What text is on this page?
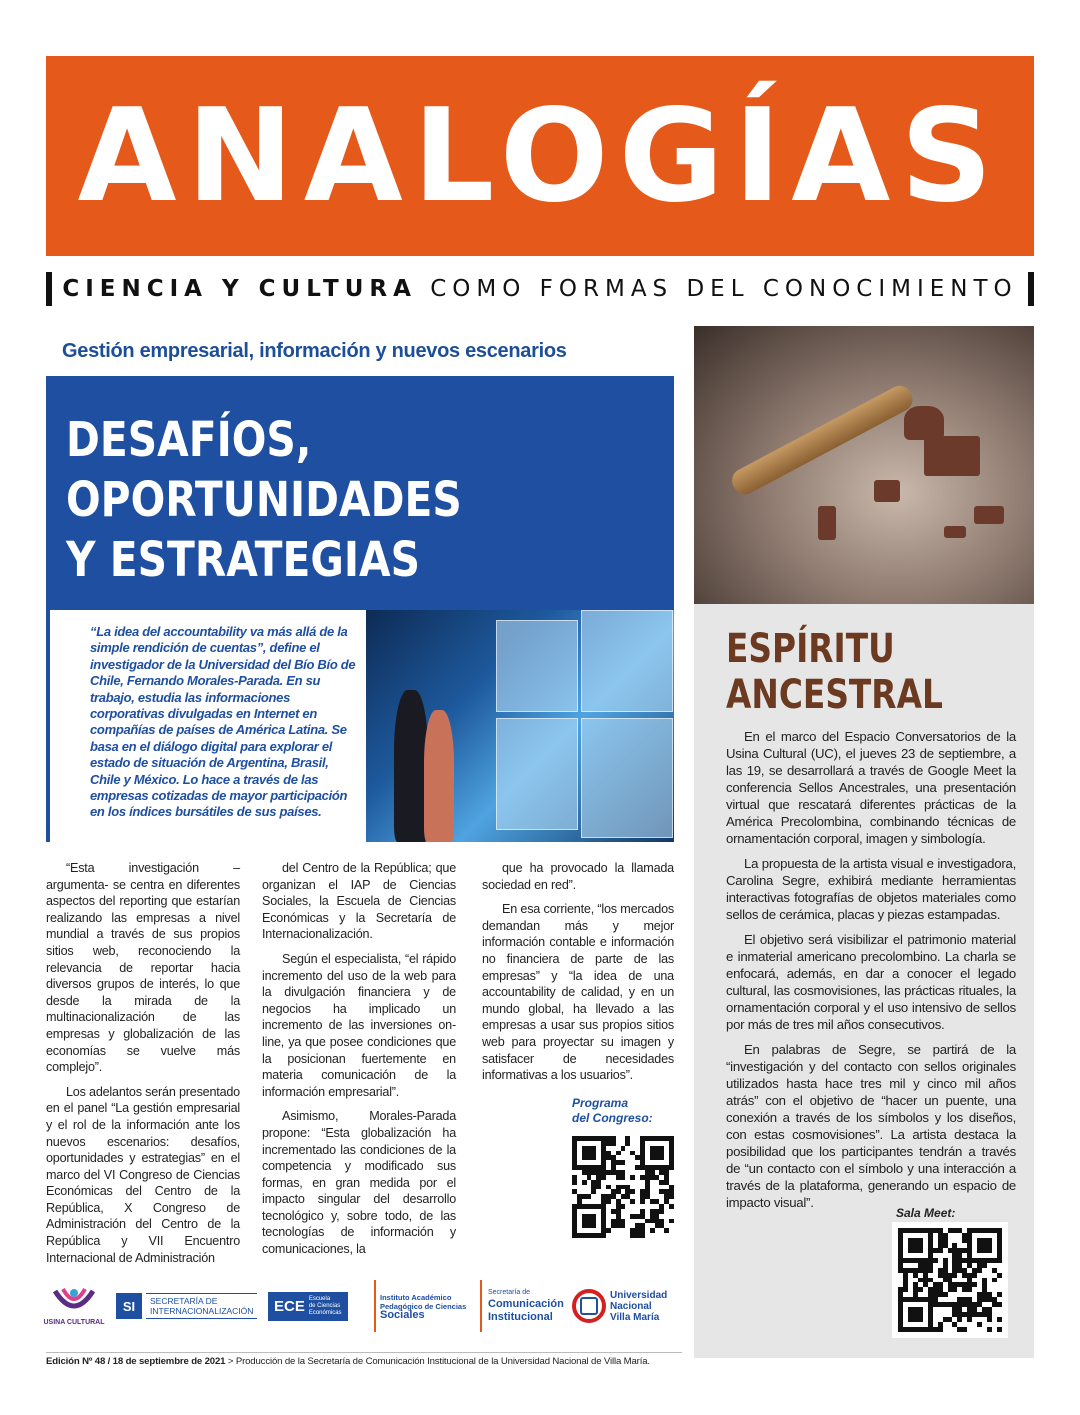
ANALOGÍAS
CIENCIA Y CULTURA COMO FORMAS DEL CONOCIMIENTO
Gestión empresarial, información y nuevos escenarios
DESAFÍOS,
OPORTUNIDADES
Y ESTRATEGIAS
“La idea del accountability va más allá de la simple rendición de cuentas”, define el investigador de la Universidad del Bío Bío de Chile, Fernando Morales-Parada. En su trabajo, estudia las informaciones corporativas divulgadas en Internet en compañías de países de América Latina. Se basa en el diálogo digital para explorar el estado de situación de Argentina, Brasil, Chile y México. Lo hace a través de las empresas cotizadas de mayor participación en los índices bursátiles de sus países.

“Esta investigación –argumenta- se centra en diferentes aspectos del reporting que estarían realizando las empresas a nivel mundial a través de sus propios sitios web, reconociendo la relevancia de reportar hacia diversos grupos de interés, lo que desde la mirada de la multinacionalización de las empresas y globalización de las economías se vuelve más complejo”.

Los adelantos serán presentado en el panel “La gestión empresarial y el rol de la información ante los nuevos escenarios: desafíos, oportunidades y estrategias” en el marco del VI Congreso de Ciencias Económicas del Centro de la República, X Congreso de Administración del Centro de la República y VII Encuentro Internacional de Administración

del Centro de la República; que organizan el IAP de Ciencias Sociales, la Escuela de Ciencias Económicas y la Secretaría de Internacionalización.

Según el especialista, “el rápido incremento del uso de la web para la divulgación financiera y de negocios ha implicado un incremento de las inversiones on-line, ya que posee condiciones que la posicionan fuertemente en materia comunicación de la información empresarial”.

Asimismo, Morales-Parada propone: “Esta globalización ha incrementado las condiciones de la competencia y modificado sus formas, en gran medida por el impacto singular del desarrollo tecnológico y, sobre todo, de las tecnologías de información y comunicaciones, la

que ha provocado la llamada sociedad en red”.

En esa corriente, “los mercados demandan más y mejor información contable e información no financiera de parte de las empresas” y “la idea de una accountability de calidad, y en un mundo global, ha llevado a las empresas a usar sus propios sitios web para proyectar su imagen y satisfacer de necesidades informativas a los usuarios”.

Programa
del Congreso:
USINA CULTURAL
SI	SECRETARÍA DE
INTERNACIONALIZACIÓN ECE Escuela
de Ciencias
Económicas
Instituto Académico
Pedagógico de Ciencias
Sociales
Secretaría de
Comunicación
Institucional
Universidad
Nacional
Villa María
Edición Nº 48 / 18 de septiembre de 2021 > Producción de la Secretaría de Comunicación Institucional de la Universidad Nacional de Villa María.
ESPÍRITU
ANCESTRAL

En el marco del Espacio Conversatorios de la Usina Cultural (UC), el jueves 23 de septiembre, a las 19, se desarrollará a través de Google Meet la conferencia Sellos Ancestrales, una presentación virtual que rescatará diferentes prácticas de la América Precolombina, combinando técnicas de ornamentación corporal, imagen y simbología.

La propuesta de la artista visual e investigadora, Carolina Segre, exhibirá mediante herramientas interactivas fotografías de objetos materiales como sellos de cerámica, placas y piezas estampadas.

El objetivo será visibilizar el patrimonio material e inmaterial americano precolombino. La charla se enfocará, además, en dar a conocer el legado cultural, las cosmovisiones, las prácticas rituales, la ornamentación corporal y el uso intensivo de sellos por más de tres mil años consecutivos.

En palabras de Segre, se partirá de la “investigación y del contacto con sellos originales utilizados hasta hace tres mil y cinco mil años atrás” con el objetivo de “hacer un puente, una conexión a través de los símbolos y los diseños, con estas cosmovisiones”. La artista destaca la posibilidad que los participantes tendrán a través de “un contacto con el símbolo y una interacción a través de la plataforma, generando un espacio de impacto visual”.

Sala Meet:
